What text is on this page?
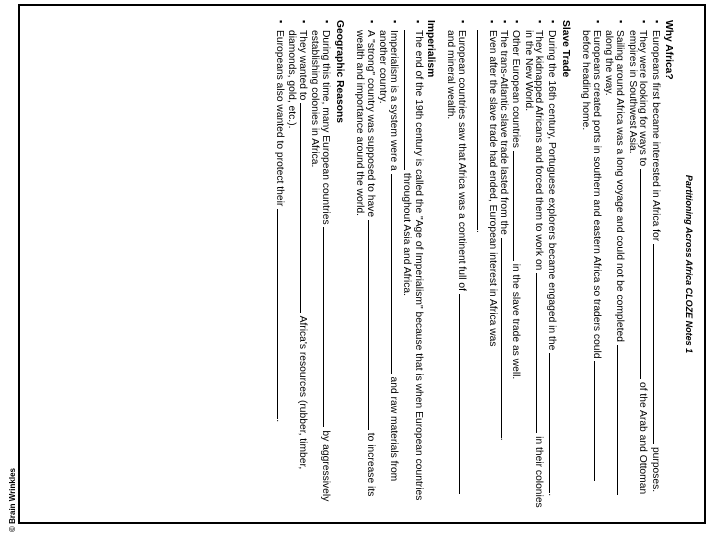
© Brain Wrinkles
Partitioning Across Africa CLOZE Notes 1
Why Africa?
▪ Europeans first became interested in Africa for  purposes.
▪ They were looking for ways to  of the Arab and Ottoman empires in Southwest Asia.
▪ Sailing around Africa was a long voyage and could not be completed  along the way.
▪ Europeans created ports in southern and eastern Africa so traders could  before heading home.
Slave Trade
▪ During the 16th century, Portuguese explorers became engaged in the .
▪ They kidnapped Africans and forced them to work on  in their colonies in the New World.
▪ Other European countries  in the slave trade as well.
▪ The trans-Atlantic slave trade lasted from the .
▪ Even after the slave trade had ended, European interest in Africa was .
▪ European countries saw that Africa was a continent full of  and mineral wealth.
Imperialism
▪ The end of the 19th century is called the "Age of Imperialism" because that is when European countries  throughout Asia and Africa.
▪ Imperialism is a system were a  and raw materials from another country.
▪ A "strong" country was supposed to have  to increase its wealth and importance around the world.
Geographic Reasons
▪ During this time, many European countries  by aggressively establishing colonies in Africa.
▪ They wanted to  Africa's resources (rubber, timber, diamonds, gold, etc.).
▪ Europeans also wanted to protect their .
